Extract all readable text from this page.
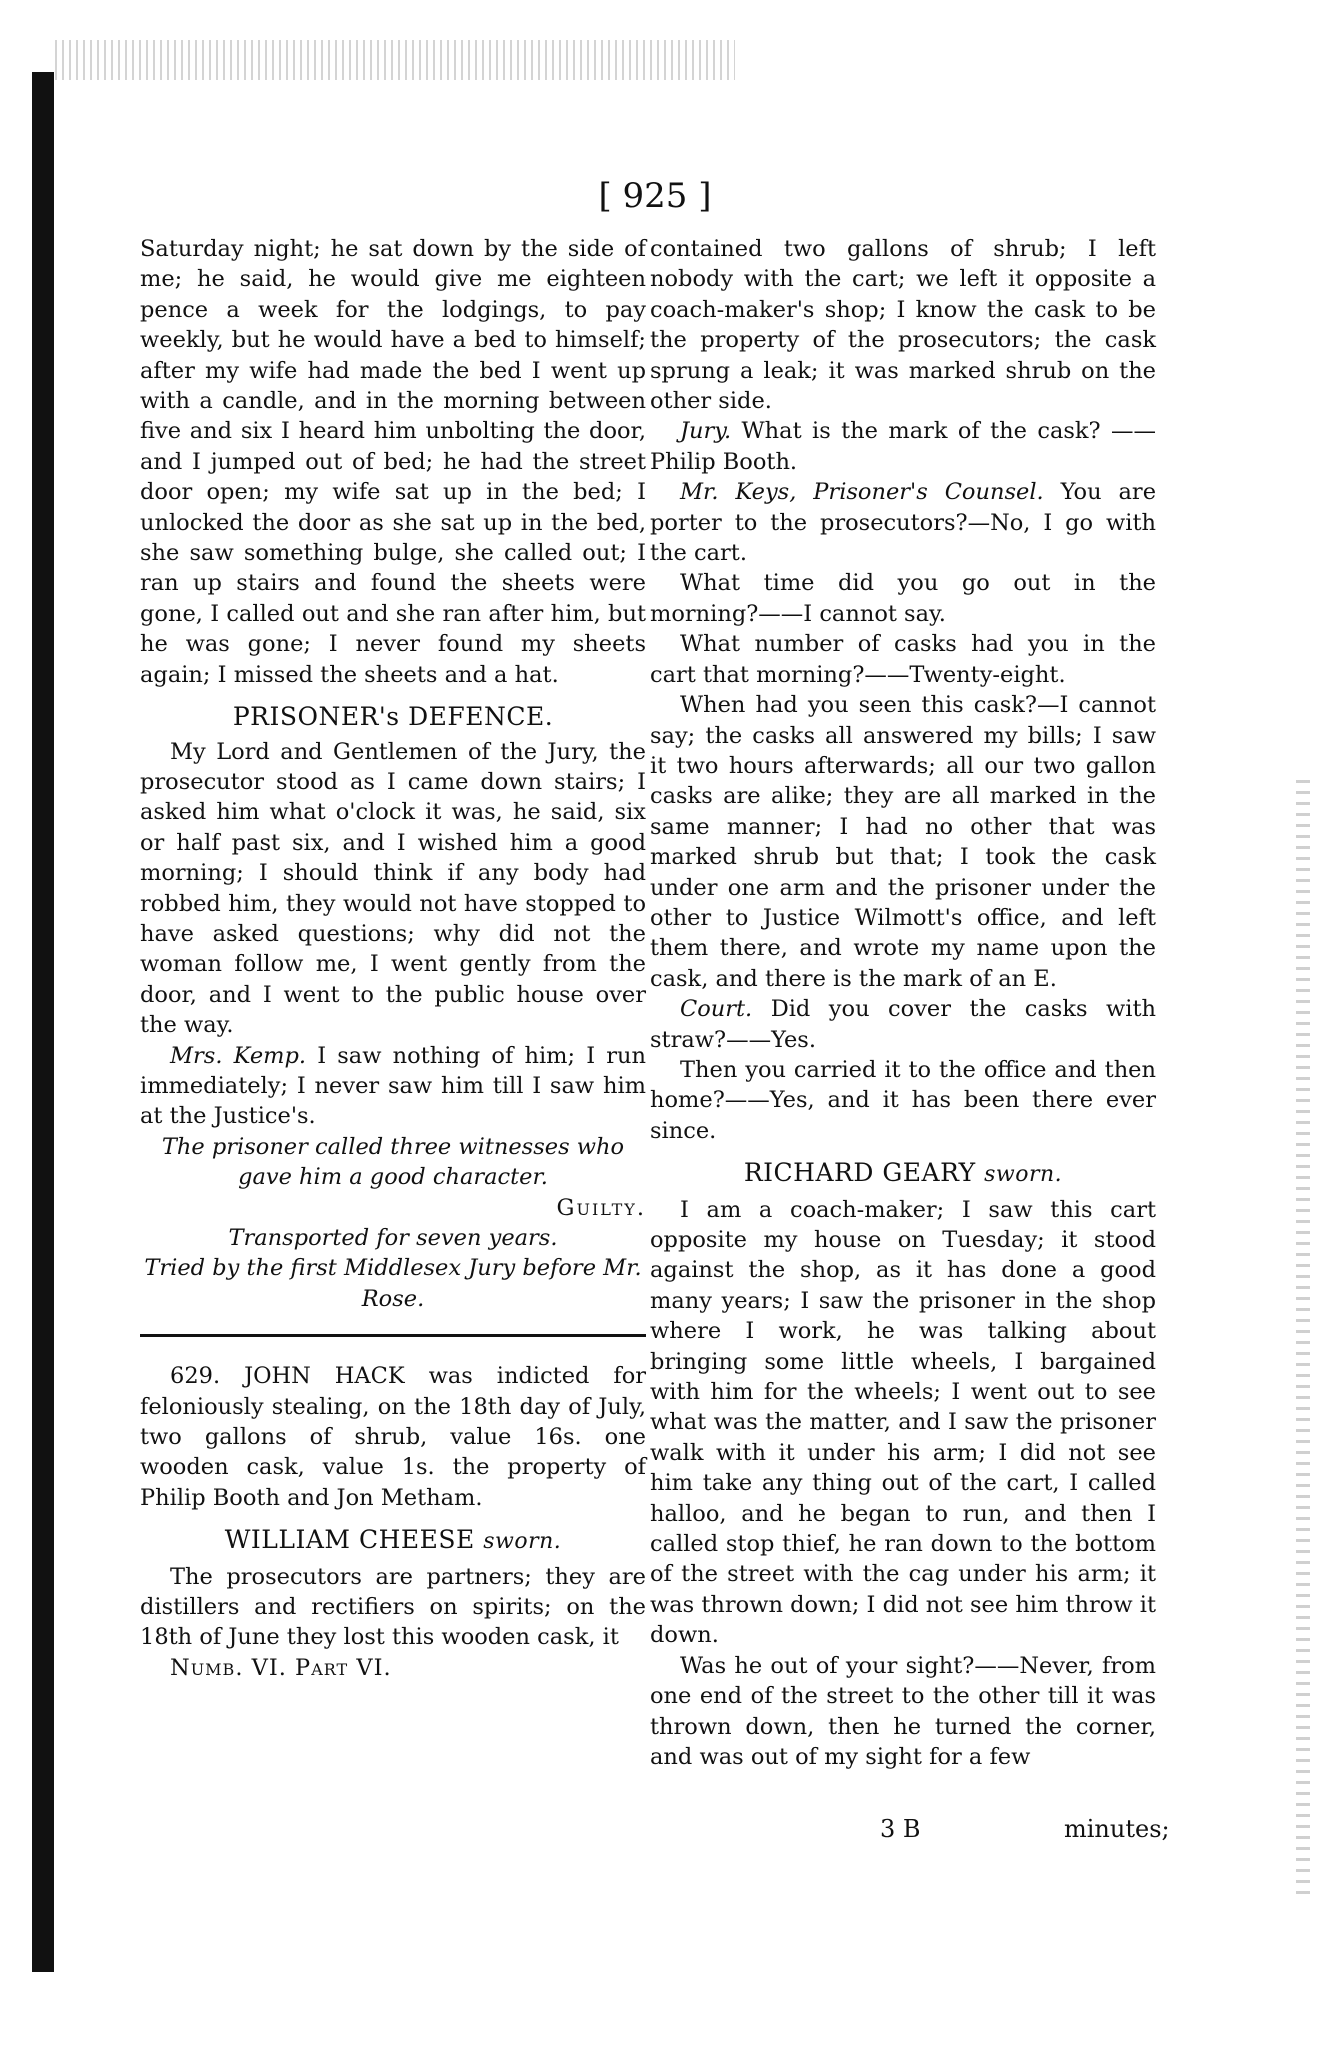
[ 925 ]

Saturday night; he sat down by the side of me; he said, he would give me eighteen pence a week for the lodgings, to pay weekly, but he would have a bed to himself; after my wife had made the bed I went up with a candle, and in the morning between five and six I heard him unbolting the door, and I jumped out of bed; he had the street door open; my wife sat up in the bed; I unlocked the door as she sat up in the bed, she saw something bulge, she called out; I ran up stairs and found the sheets were gone, I called out and she ran after him, but he was gone; I never found my sheets again; I missed the sheets and a hat.

PRISONER's DEFENCE.

My Lord and Gentlemen of the Jury, the prosecutor stood as I came down stairs; I asked him what o'clock it was, he said, six or half past six, and I wished him a good morning; I should think if any body had robbed him, they would not have stopped to have asked questions; why did not the woman follow me, I went gently from the door, and I went to the public house over the way.

Mrs. Kemp. I saw nothing of him; I run immediately; I never saw him till I saw him at the Justice's.

The prisoner called three witnesses who gave him a good character.

Guilty.

Transported for seven years.

Tried by the first Middlesex Jury before Mr. Rose.

629. JOHN HACK was indicted for feloniously stealing, on the 18th day of July, two gallons of shrub, value 16s. one wooden cask, value 1s. the property of Philip Booth and Jon Metham.

WILLIAM CHEESE sworn.

The prosecutors are partners; they are distillers and rectifiers on spirits; on the 18th of June they lost this wooden cask, it

Numb. VI. Part VI.

contained two gallons of shrub; I left nobody with the cart; we left it opposite a coach-maker's shop; I know the cask to be the property of the prosecutors; the cask sprung a leak; it was marked shrub on the other side.

Jury. What is the mark of the cask? ——Philip Booth.

Mr. Keys, Prisoner's Counsel. You are porter to the prosecutors?—No, I go with the cart.

What time did you go out in the morning?——I cannot say.

What number of casks had you in the cart that morning?——Twenty-eight.

When had you seen this cask?—I cannot say; the casks all answered my bills; I saw it two hours afterwards; all our two gallon casks are alike; they are all marked in the same manner; I had no other that was marked shrub but that; I took the cask under one arm and the prisoner under the other to Justice Wilmott's office, and left them there, and wrote my name upon the cask, and there is the mark of an E.

Court. Did you cover the casks with straw?——Yes.

Then you carried it to the office and then home?——Yes, and it has been there ever since.

RICHARD GEARY sworn.

I am a coach-maker; I saw this cart opposite my house on Tuesday; it stood against the shop, as it has done a good many years; I saw the prisoner in the shop where I work, he was talking about bringing some little wheels, I bargained with him for the wheels; I went out to see what was the matter, and I saw the prisoner walk with it under his arm; I did not see him take any thing out of the cart, I called halloo, and he began to run, and then I called stop thief, he ran down to the bottom of the street with the cag under his arm; it was thrown down; I did not see him throw it down.

Was he out of your sight?——Never, from one end of the street to the other till it was thrown down, then he turned the corner, and was out of my sight for a few

3 B	minutes;
